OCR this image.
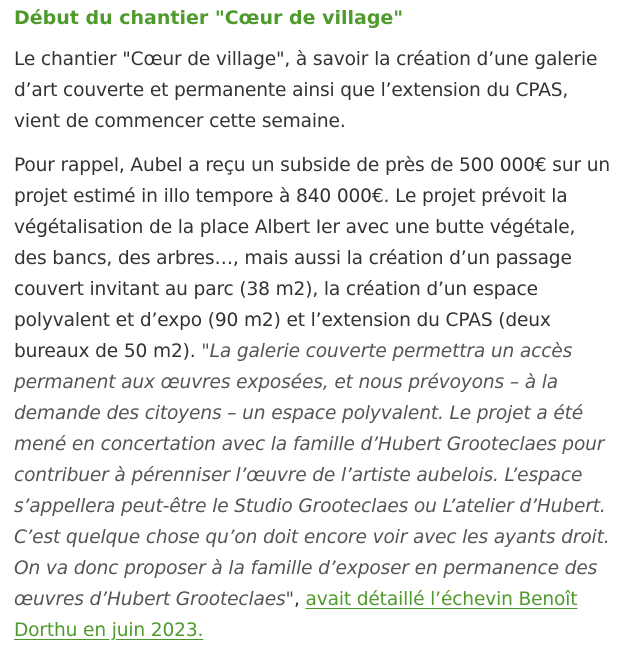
Début du chantier "Cœur de village"

Le chantier "Cœur de village", à savoir la création d’une galerie d’art couverte et permanente ainsi que l’extension du CPAS, vient de commencer cette semaine.

Pour rappel, Aubel a reçu un subside de près de 500 000€ sur un projet estimé in illo tempore à 840 000€. Le projet prévoit la végétalisation de la place Albert Ier avec une butte végétale, des bancs, des arbres…, mais aussi la création d’un passage couvert invitant au parc (38 m2), la création d’un espace polyvalent et d’expo (90 m2) et l’extension du CPAS (deux bureaux de 50 m2). "La galerie couverte permettra un accès permanent aux œuvres exposées, et nous prévoyons – à la demande des citoyens – un espace polyvalent. Le projet a été mené en concertation avec la famille d’Hubert Grooteclaes pour contribuer à pérenniser l’œuvre de l’artiste aubelois. L’espace s’appellera peut-être le Studio Grooteclaes ou L’atelier d’Hubert. C’est quelque chose qu’on doit encore voir avec les ayants droit. On va donc proposer à la famille d’exposer en permanence des œuvres d’Hubert Grooteclaes", avait détaillé l’échevin Benoît Dorthu en juin 2023.
